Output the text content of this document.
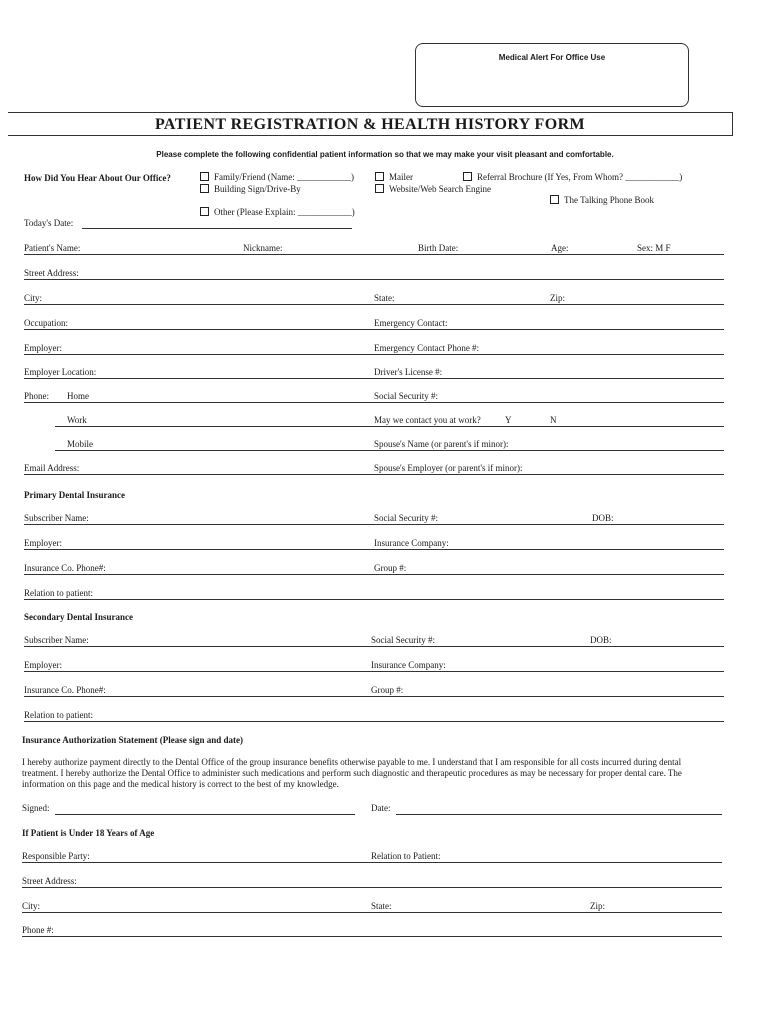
Medical Alert For Office Use
PATIENT REGISTRATION & HEALTH HISTORY FORM
Please complete the following confidential patient information so that we may make your visit pleasant and comfortable.
How Did You Hear About Our Office?	Family/Friend (Name: ____________)
Building Sign/Drive-By
Other (Please Explain: ____________)
Mailer
Website/Web Search Engine
Referral Brochure (If Yes, From Whom? ____________)
The Talking Phone Book
Today's Date:
Patient's Name:	Nickname:	Birth Date:	Age:	Sex: M F
Street Address:
City:	State:	Zip:
Occupation:	Emergency Contact:
Employer:	Emergency Contact Phone #:
Employer Location:	Driver's License #:
Phone: Home	Social Security #:
Work	May we contact you at work?	Y	N
Mobile	Spouse's Name (or parent's if minor):
Email Address:	Spouse's Employer (or parent's if minor):
Primary Dental Insurance
Subscriber Name:	Social Security #:	DOB:
Employer:	Insurance Company:
Insurance Co. Phone#:	Group #:
Relation to patient:
Secondary Dental Insurance
Subscriber Name:	Social Security #:	DOB:
Employer:	Insurance Company:
Insurance Co. Phone#:	Group #:
Relation to patient:
Insurance Authorization Statement (Please sign and date)
I hereby authorize payment directly to the Dental Office of the group insurance benefits otherwise payable to me. I understand that I am responsible for all costs incurred during dental treatment. I hereby authorize the Dental Office to administer such medications and perform such diagnostic and therapeutic procedures as may be necessary for proper dental care. The information on this page and the medical history is correct to the best of my knowledge.
Signed:	Date:
If Patient is Under 18 Years of Age
Responsible Party:	Relation to Patient:
Street Address:
City:	State:	Zip:
Phone #:
